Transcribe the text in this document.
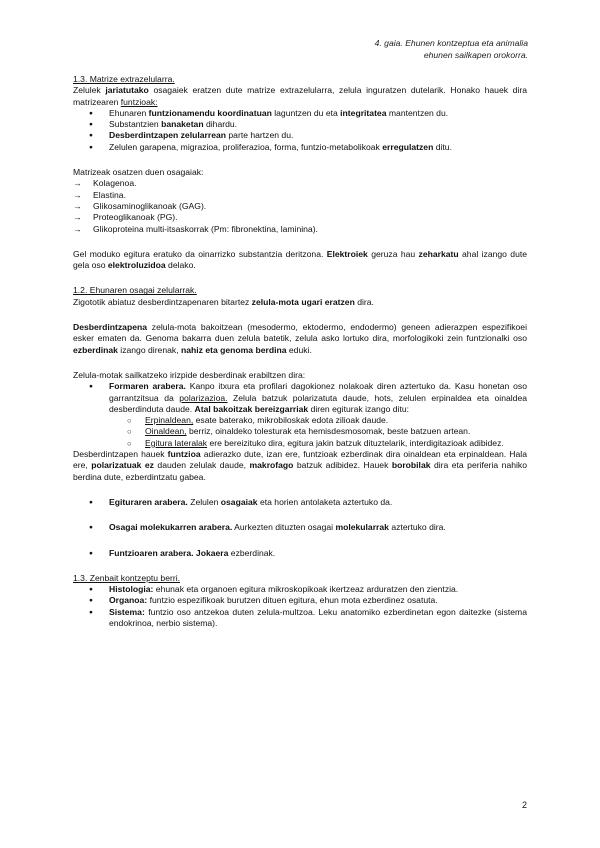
4. gaia. Ehunen kontzeptua eta animalia
ehunen sailkapen orokorra.

1.3. Matrize extrazelularra.

Zelulek jariatutako osagaiek eratzen dute matrize extrazelularra, zelula inguratzen dutelarik. Honako hauek dira matrizearen funtzioak:

● Ehunaren funtzionamendu koordinatuan laguntzen du eta integritatea mantentzen du.
● Substantzien banaketan dihardu.
● Desberdintzapen zelularrean parte hartzen du.
● Zelulen garapena, migrazioa, proliferazioa, forma, funtzio-metabolikoak erregulatzen ditu.

Matrizeak osatzen duen osagaiak:

→ Kolagenoa.
→ Elastina.
→ Glikosaminoglikanoak (GAG).
→ Proteoglikanoak (PG).
→ Glikoproteina multi-itsaskorrak (Pm: fibronektina, laminina).

Gel moduko egitura eratuko da oinarrizko substantzia deritzona. Elektroiek geruza hau zeharkatu ahal izango dute gela oso elektroluzidoa delako.

1.2. Ehunaren osagai zelularrak.

Zigototik abiatuz desberdintzapenaren bitartez zelula-mota ugari eratzen dira.

Desberdintzapena zelula-mota bakoitzean (mesodermo, ektodermo, endodermo) geneen adierazpen espezifikoei esker ematen da. Genoma bakarra duen zelula batetik, zelula asko lortuko dira, morfologikoki zein funtzionalki oso ezberdinak izango direnak, nahiz eta genoma berdina eduki.

Zelula-motak sailkatzeko irizpide desberdinak erabiltzen dira:

● Formaren arabera. Kanpo itxura eta profilari dagokionez nolakoak diren aztertuko da. Kasu honetan oso garrantzitsua da polarizazioa. Zelula batzuk polarizatuta daude, hots, zelulen erpinaldea eta oinaldea desberdinduta daude. Atal bakoitzak bereizgarriak diren egiturak izango ditu:
○ Erpinaldean, esate baterako, mikrobiloskak edota zilioak daude.
○ Oinaldean, berriz, oinaldeko tolesturak eta hemisdesmosomak, beste batzuen artean.
○ Egitura lateralak ere bereizituko dira, egitura jakin batzuk dituztelarik, interdigitazioak adibidez.

Desberdintzapen hauek funtzioa adierazko dute, izan ere, funtzioak ezberdinak dira oinaldean eta erpinaldean. Hala ere, polarizatuak ez dauden zelulak daude, makrofago batzuk adibidez. Hauek borobilak dira eta periferia nahiko berdina dute, ezberdintzatu gabea.

● Egituraren arabera. Zelulen osagaiak eta horien antolaketa aztertuko da.
● Osagai molekukarren arabera. Aurkezten dituzten osagai molekularrak aztertuko dira.
● Funtzioaren arabera. Jokaera ezberdinak.

1.3. Zenbait kontzeptu berri.

● Histologia: ehunak eta organoen egitura mikroskopikoak ikertzeaz arduratzen den zientzia.
● Organoa: funtzio espezifikoak burutzen dituen egitura, ehun mota ezberdinez osatuta.
● Sistema: funtzio oso antzekoa duten zelula-multzoa. Leku anatomiko ezberdinetan egon daitezke (sistema endokrinoa, nerbio sistema).
2
